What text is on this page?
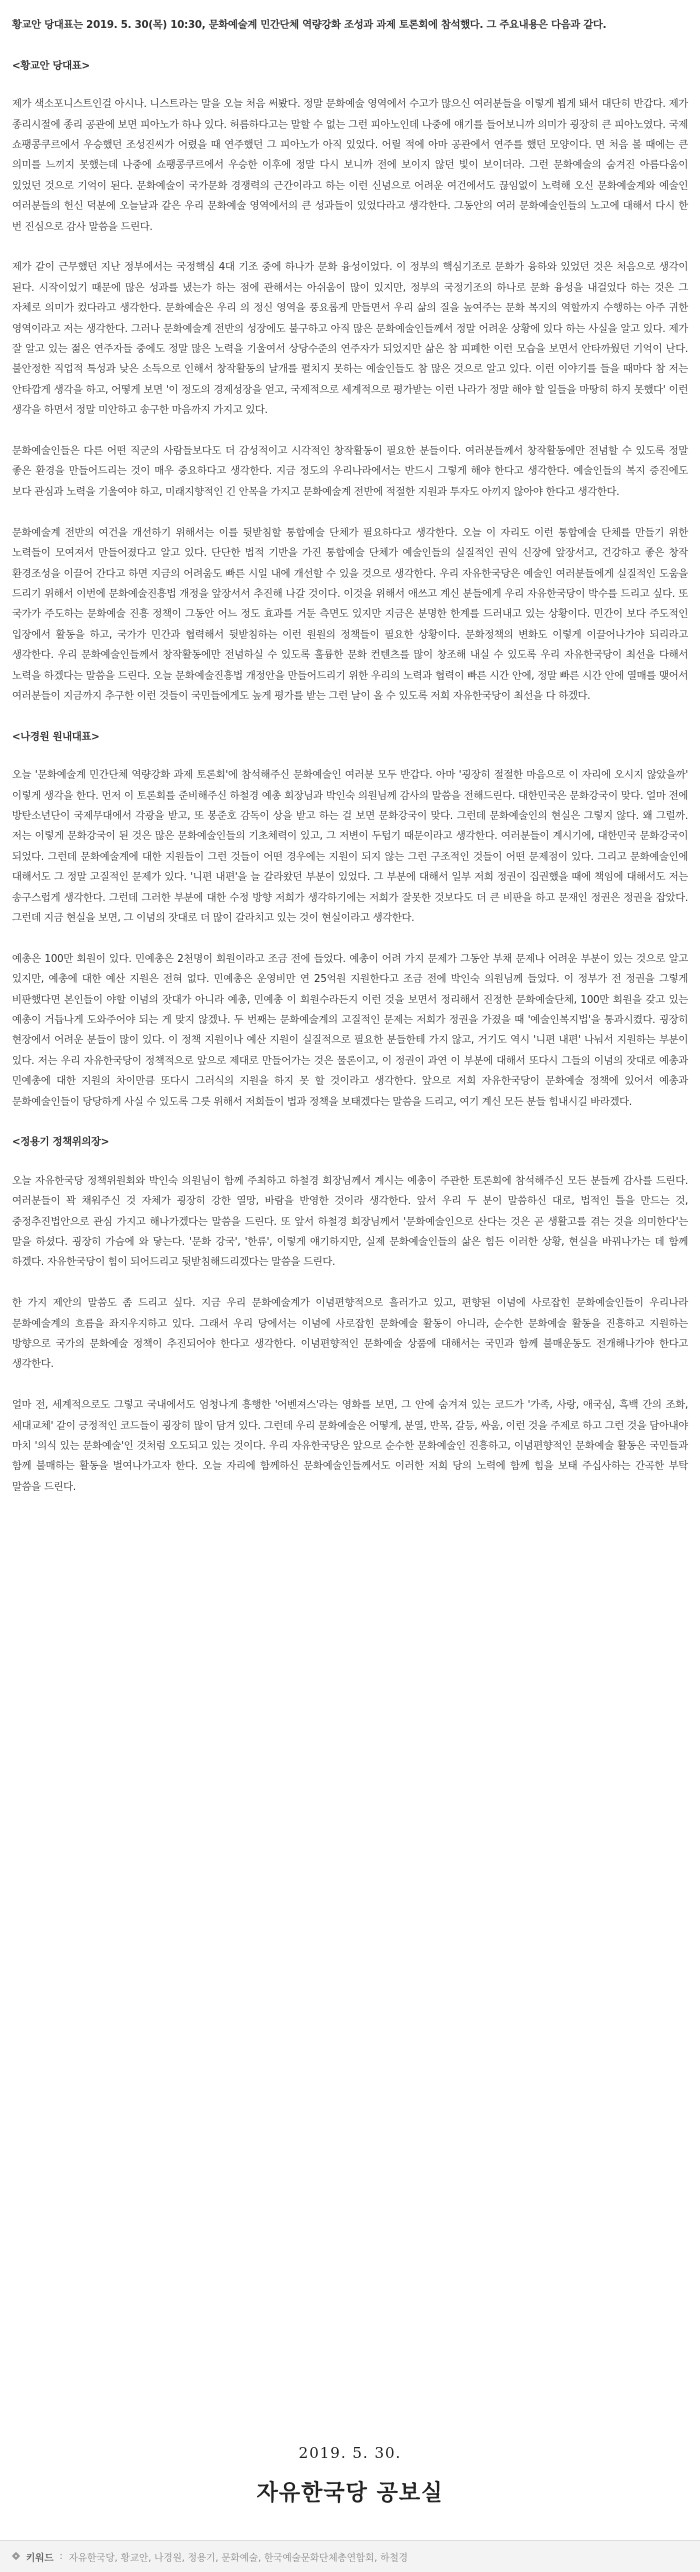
황교안 당대표는 2019. 5. 30(목) 10:30, 문화예술계 민간단체 역량강화 조성과 과제 토론회에 참석했다. 그 주요내용은 다음과 같다.

<황교안 당대표>

제가 색소포니스트인걸 아시나. 니스트라는 말을 오늘 처음 써봤다. 정말 문화예술 영역에서 수고가 많으신 여러분들을 이렇게 뵙게 돼서 대단히 반갑다. 제가 종리시절에 종리 공관에 보면 피아노가 하나 있다. 허름하다고는 말할 수 없는 그런 피아노인데 나중에 얘기를 들어보니까 의미가 굉장히 큰 피아노였다. 국제 쇼팽콩쿠르에서 우승했던 조성진씨가 어렸을 때 연주했던 그 피아노가 아직 있었다. 어릴 적에 아마 공관에서 연주를 했던 모양이다. 면 처음 볼 때에는 큰 의미를 느끼지 못했는데 나중에 쇼팽콩쿠르에서 우승한 이후에 정말 다시 보니까 전에 보이지 않던 빛이 보이더라. 그런 문화예술의 숨겨진 아름다움이 있었던 것으로 기억이 된다. 문화예술이 국가문화 경쟁력의 근간이라고 하는 이런 신념으로 어려운 여건에서도 끊임없이 노력해 오신 문화예술계와 예술인 여러분들의 헌신 덕분에 오늘날과 같은 우리 문화예술 영역에서의 큰 성과들이 있었다라고 생각한다. 그동안의 여러 문화예술인들의 노고에 대해서 다시 한 번 진심으로 감사 말씀을 드린다.

제가 같이 근무했던 지난 정부에서는 국정핵심 4대 기조 중에 하나가 문화 융성이었다. 이 정부의 핵심기조로 문화가 융하와 있었던 것은 처음으로 생각이 된다. 시작이었기 때문에 많은 성과를 냈는가 하는 점에 관해서는 아쉬움이 많이 있지만, 정부의 국정기조의 하나로 문화 융성을 내걸었다 하는 것은 그 자체로 의미가 컸다라고 생각한다. 문화예술은 우리 의 정신 영역을 풍요롭게 만들면서 우리 삶의 질을 높여주는 문화 복지의 역할까지 수행하는 아주 귀한 영역이라고 저는 생각한다. 그러나 문화예술계 전반의 성장에도 불구하고 아직 많은 문화예술인들께서 정말 어려운 상황에 있다 하는 사실을 알고 있다. 제가 잘 알고 있는 젊은 연주자들 중에도 정말 많은 노력을 기울여서 상당수준의 연주자가 되었지만 삶은 참 피폐한 이런 모습을 보면서 안타까웠던 기억이 난다. 불안정한 직업적 특성과 낮은 소득으로 인해서 창작활동의 날개를 펼치지 못하는 예술인들도 참 많은 것으로 알고 있다. 이런 이야기를 들을 때마다 참 저는 안타깝게 생각을 하고, 어떻게 보면 '이 정도의 경제성장을 얻고, 국제적으로 세계적으로 평가받는 이런 나라가 정말 해야 할 일들을 마땅히 하지 못했다' 이런 생각을 하면서 정말 미안하고 송구한 마음까지 가지고 있다.

문화예술인들은 다른 어떤 직군의 사람들보다도 더 감성적이고 시각적인 창작활동이 필요한 분들이다. 여러분들께서 창작활동에만 전념할 수 있도록 정말 좋은 환경을 만들어드리는 것이 매우 중요하다고 생각한다. 지금 정도의 우리나라에서는 반드시 그렇게 해야 한다고 생각한다. 예술인들의 복지 증진에도 보다 관심과 노력을 기울여야 하고, 미래지향적인 긴 안목을 가지고 문화예술계 전반에 적절한 지원과 투자도 아끼지 않아야 한다고 생각한다.

문화예술계 전반의 여건을 개선하기 위해서는 이를 뒷받침할 통합예술 단체가 필요하다고 생각한다. 오늘 이 자리도 이런 통합예술 단체를 만들기 위한 노력들이 모여져서 만들어졌다고 알고 있다. 단단한 법적 기반을 가진 통합예술 단체가 예술인들의 실질적인 권익 신장에 앞장서고, 건강하고 좋은 창작 환경조성을 이끌어 간다고 하면 지금의 어려움도 빠른 시일 내에 개선할 수 있을 것으로 생각한다. 우리 자유한국당은 예술인 여러분들에게 실질적인 도움을 드리기 위해서 이번에 문화예술진흥법 개정을 앞장서서 추진해 나갈 것이다. 이것을 위해서 애쓰고 계신 분들에게 우리 자유한국당이 박수를 드리고 싶다. 또 국가가 주도하는 문화예술 진흥 정책이 그동안 어느 정도 효과를 거둔 측면도 있지만 지금은 분명한 한계를 드러내고 있는 상황이다. 민간이 보다 주도적인 입장에서 활동을 하고, 국가가 민간과 협력해서 뒷받침하는 이런 원원의 정책들이 필요한 상황이다. 문화정책의 변화도 이렇게 이끌어나가야 되리라고 생각한다. 우리 문화예술인들께서 창작활동에만 전념하실 수 있도록 훌륭한 문화 컨텐츠를 많이 창조해 내실 수 있도록 우리 자유한국당이 최선을 다해서 노력을 하겠다는 말씀을 드린다. 오늘 문화예술진흥법 개정안을 만들어드리기 위한 우리의 노력과 협력이 빠른 시간 안에, 정말 빠른 시간 안에 열매를 맺어서 여러분들이 지금까지 추구한 이런 것들이 국민들에게도 높게 평가를 받는 그런 날이 올 수 있도록 저희 자유한국당이 최선을 다 하겠다.

<나경원 원내대표>

오늘 '문화예술계 민간단체 역량강화 과제 토론회'에 참석해주신 문화예술인 여러분 모두 반갑다. 아마 '굉장히 절절한 마음으로 이 자리에 오시지 않았을까' 이렇게 생각을 한다. 먼저 이 토론회를 준비해주신 하철경 예총 회장님과 박인숙 의원님께 감사의 말씀을 전해드린다. 대한민국은 문화강국이 맞다. 얼마 전에 방탄소년단이 국제무대에서 각광을 받고, 또 봉준호 감독이 상을 받고 하는 걸 보면 문화강국이 맞다. 그런데 문화예술인의 현실은 그렇지 않다. 왜 그럴까. 저는 이렇게 문화강국이 된 것은 많은 문화예술인들의 기초체력이 있고, 그 저변이 두텁기 때문이라고 생각한다. 여러분들이 계시기에, 대한민국 문화강국이 되었다. 그런데 문화예술계에 대한 지원들이 그런 것들이 어떤 경우에는 지원이 되지 않는 그런 구조적인 것들이 어떤 문제점이 있다. 그리고 문화예술인에 대해서도 그 정말 고질적인 문제가 있다. '니편 내편'을 늘 갈라왔던 부분이 있었다. 그 부분에 대해서 일부 저희 정권이 집권했을 때에 책임에 대해서도 저는 송구스럽게 생각한다. 그런데 그러한 부분에 대한 수정 방향 저희가 생각하기에는 저희가 잘못한 것보다도 더 큰 비판을 하고 문재인 정권은 정권을 잡았다. 그런데 지금 현실을 보면, 그 이념의 잣대로 더 많이 갈라치고 있는 것이 현실이라고 생각한다.

예총은 100만 회원이 있다. 민예총은 2천명이 회원이라고 조금 전에 들었다. 예총이 어려 가지 문제가 그동안 부채 문제나 어려운 부분이 있는 것으로 알고 있지만, 예총에 대한 예산 지원은 전혀 없다. 민예총은 운영비만 연 25억원 지원한다고 조금 전에 박인숙 의원님께 들었다. 이 정부가 전 정권을 그렇게 비판했다면 본인들이 야할 이념의 잣대가 아니라 예총, 민예총 이 회원수라든지 이런 것을 보면서 정리해서 진정한 문화예술단체, 100만 회원을 갖고 있는 예총이 거듭나게 도와주어야 되는 게 맞지 않겠나. 두 번째는 문화예술계의 고질적인 문제는 저희가 정권을 가졌을 때 '예술인복지법'을 통과시켰다. 굉장히 현장에서 어려운 분들이 많이 있다. 이 정책 지원이나 예산 지원이 실질적으로 필요한 분들한테 가지 않고, 거기도 역시 '니편 내편' 나눠서 지원하는 부분이 있다. 저는 우리 자유한국당이 정책적으로 앞으로 제대로 만들어가는 것은 물론이고, 이 정권이 과연 이 부분에 대해서 또다시 그들의 이념의 잣대로 예총과 민예총에 대한 지원의 차이만큼 또다시 그러식의 지원을 하지 못 할 것이라고 생각한다. 앞으로 저희 자유한국당이 문화예술 정책에 있어서 예총과 문화예술인들이 당당하게 사실 수 있도록 그릇 위해서 저희들이 법과 정책을 보태겠다는 말씀을 드리고, 여기 계신 모든 분들 힘내시길 바라겠다.

<정용기 정책위의장>

오늘 자유한국당 정책위원회와 박인숙 의원님이 함께 주최하고 하철경 회장님께서 계시는 예총이 주관한 토론회에 참석해주신 모든 분들께 감사를 드린다. 여러분들이 꽉 채워주신 것 자체가 굉장히 강한 열망, 바람을 반영한 것이라 생각한다. 앞서 우리 두 분이 말씀하신 대로, 법적인 틀을 만드는 것, 중정추진법안으로 관심 가지고 해나가겠다는 말씀을 드린다. 또 앞서 하철경 회장님께서 '문화예술인으로 산다는 것은 곧 생활고를 겪는 것을 의미한다'는 말을 하셨다. 굉장히 가슴에 와 닿는다. '문화 강국', '한류', 이렇게 얘기하지만, 실제 문화예술인들의 삶은 힘든 이러한 상황, 현실을 바꿔나가는 데 함께 하겠다. 자유한국당이 힘이 되어드리고 뒷받침해드리겠다는 말씀을 드린다.

한 가지 제안의 말씀도 좀 드리고 싶다. 지금 우리 문화예술계가 이념편향적으로 흘러가고 있고, 편향된 이념에 사로잡힌 문화예술인들이 우리나라 문화예술계의 흐름을 좌지우지하고 있다. 그래서 우리 당에서는 이념에 사로잡힌 문화예술 활동이 아니라, 순수한 문화예술 활동을 진흥하고 지원하는 방향으로 국가의 문화예술 정책이 추진되어야 한다고 생각한다. 이념편향적인 문화예술 상품에 대해서는 국민과 함께 불매운동도 전개해나가야 한다고 생각한다.

얼마 전, 세계적으로도 그렇고 국내에서도 엄청나게 흥행한 '어벤져스'라는 영화를 보면, 그 안에 숨겨져 있는 코드가 '가족, 사랑, 애국심, 흑백 간의 조화, 세대교체' 같이 긍정적인 코드들이 굉장히 많이 담겨 있다. 그런데 우리 문화예술은 어떻게, 분열, 반목, 갈등, 싸움, 이런 것을 주제로 하고 그런 것을 담아내야 마치 '의식 있는 문화예술'인 것처럼 오도되고 있는 것이다. 우리 자유한국당은 앞으로 순수한 문화예술인 진흥하고, 이념편향적인 문화예술 활동은 국민들과 함께 불매하는 활동을 벌여나가고자 한다. 오늘 자리에 함께하신 문화예술인들께서도 이러한 저희 당의 노력에 함께 힘을 보태 주십사하는 간곡한 부탁 말씀을 드린다.

2019. 5. 30.
자유한국당 공보실
키워드 : 자유한국당, 황교안, 나경원, 정용기, 문화예술, 한국예술문화단체총연합회, 하철경
